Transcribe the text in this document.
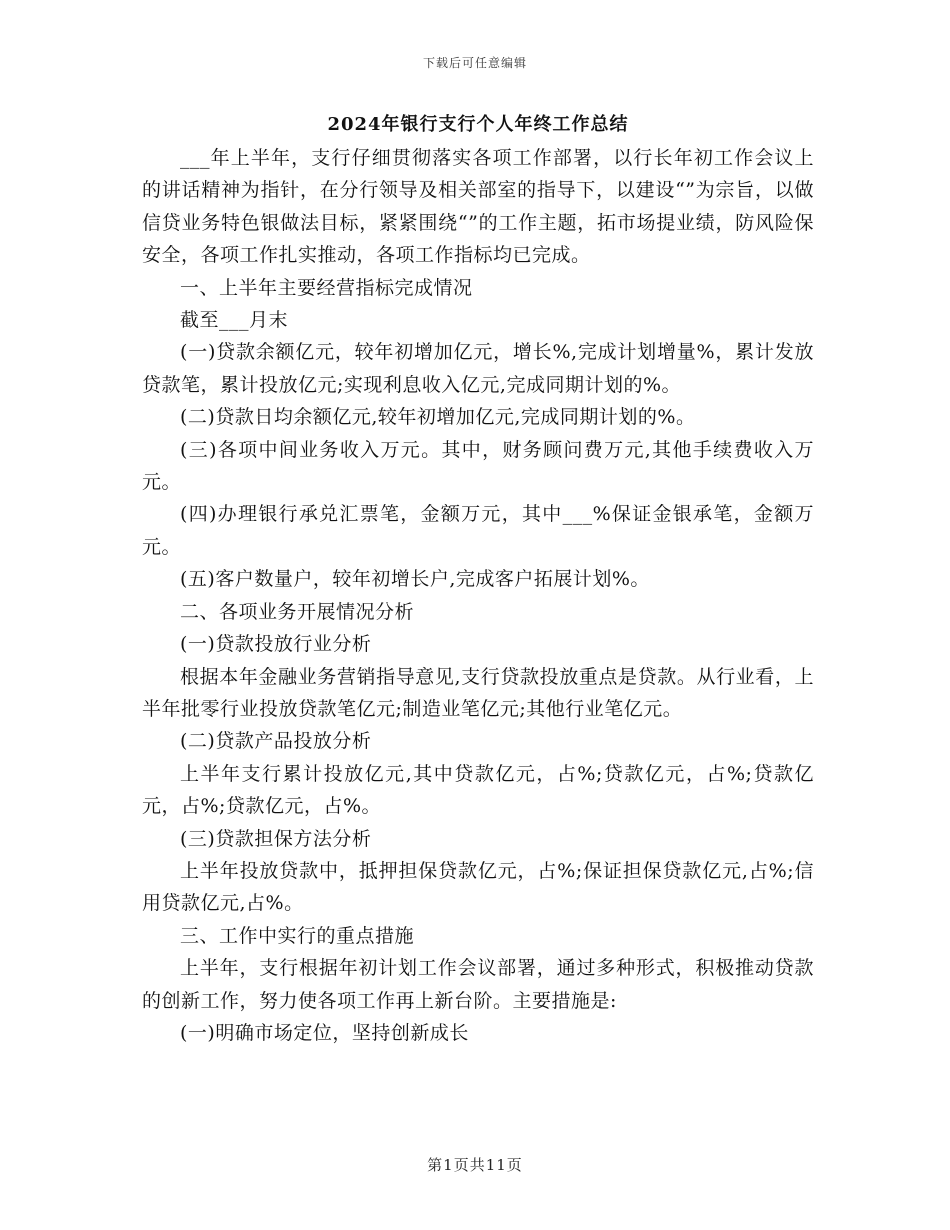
下载后可任意编辑
2024年银行支行个人年终工作总结

___年上半年，支行仔细贯彻落实各项工作部署，以行长年初工作会议上的讲话精神为指针，在分行领导及相关部室的指导下，以建设“”为宗旨，以做信贷业务特色银做法目标，紧紧围绕“”的工作主题，拓市场提业绩，防风险保安全，各项工作扎实推动，各项工作指标均已完成。

一、上半年主要经营指标完成情况

截至___月末

(一)贷款余额亿元，较年初增加亿元，增长%,完成计划增量%，累计发放贷款笔，累计投放亿元;实现利息收入亿元,完成同期计划的%。

(二)贷款日均余额亿元,较年初增加亿元,完成同期计划的%。

(三)各项中间业务收入万元。其中，财务顾问费万元,其他手续费收入万元。

(四)办理银行承兑汇票笔，金额万元，其中___%保证金银承笔，金额万元。

(五)客户数量户，较年初增长户,完成客户拓展计划%。

二、各项业务开展情况分析

(一)贷款投放行业分析

根据本年金融业务营销指导意见,支行贷款投放重点是贷款。从行业看，上半年批零行业投放贷款笔亿元;制造业笔亿元;其他行业笔亿元。

(二)贷款产品投放分析

上半年支行累计投放亿元,其中贷款亿元，占%;贷款亿元，占%;贷款亿元，占%;贷款亿元，占%。

(三)贷款担保方法分析

上半年投放贷款中，抵押担保贷款亿元，占%;保证担保贷款亿元,占%;信用贷款亿元,占%。

三、工作中实行的重点措施

上半年，支行根据年初计划工作会议部署，通过多种形式，积极推动贷款的创新工作，努力使各项工作再上新台阶。主要措施是:

(一)明确市场定位，坚持创新成长

第1页共11页
